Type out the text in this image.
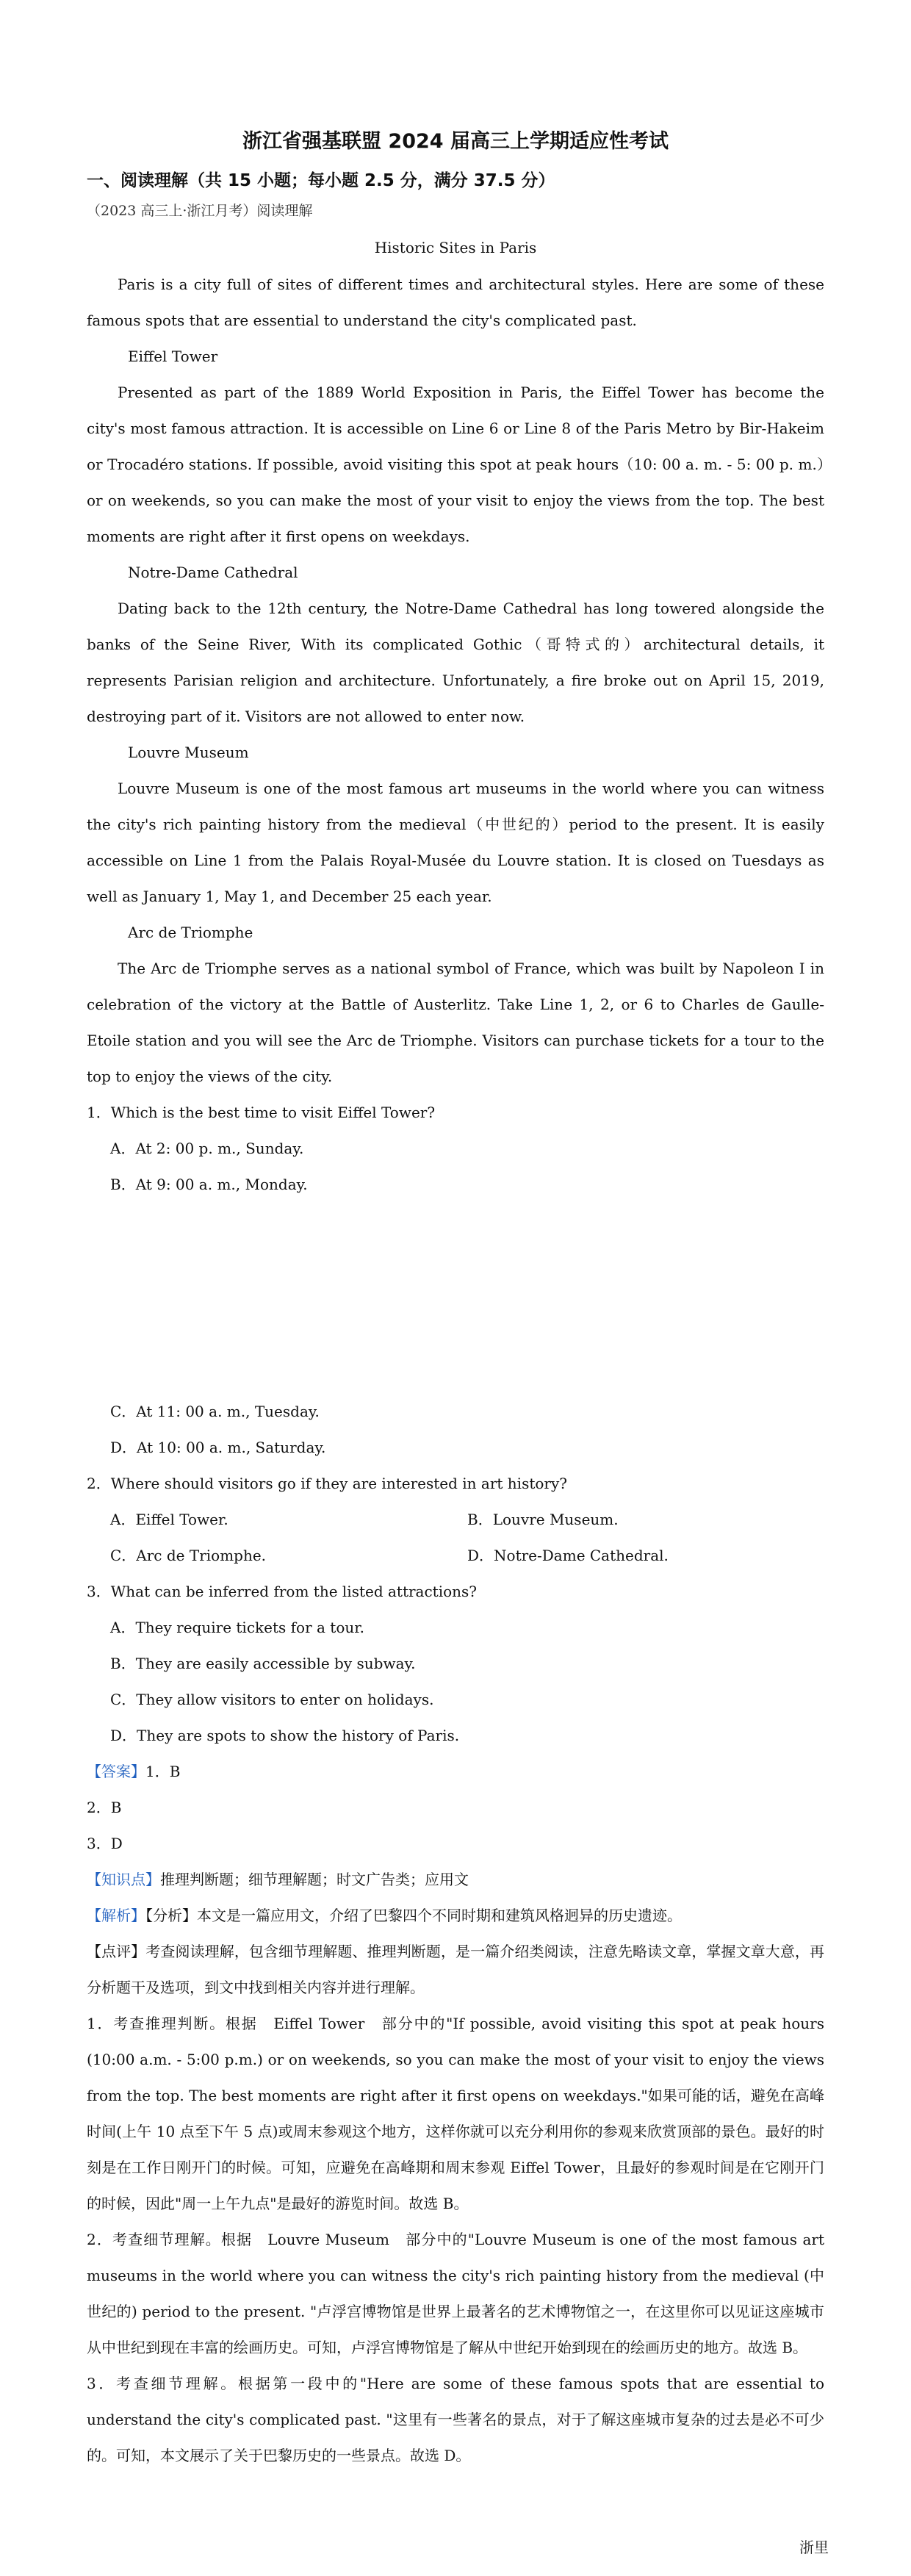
浙江省强基联盟 2024 届高三上学期适应性考试
一、阅读理解（共 15 小题；每小题 2.5 分，满分 37.5 分）
（2023 高三上·浙江月考）阅读理解
Historic Sites in Paris

Paris is a city full of sites of different times and architectural styles. Here are some of these famous spots that are essential to understand the city's complicated past.

Eiffel Tower

Presented as part of the 1889 World Exposition in Paris, the Eiffel Tower has become the city's most famous attraction. It is accessible on Line 6 or Line 8 of the Paris Metro by Bir-Hakeim or Trocadéro stations. If possible, avoid visiting this spot at peak hours（10: 00 a. m. - 5: 00 p. m.）or on weekends, so you can make the most of your visit to enjoy the views from the top. The best moments are right after it first opens on weekdays.

Notre-Dame Cathedral

Dating back to the 12th century, the Notre-Dame Cathedral has long towered alongside the banks of the Seine River, With its complicated Gothic（哥特式的）architectural details, it represents Parisian religion and architecture. Unfortunately, a fire broke out on April 15, 2019, destroying part of it. Visitors are not allowed to enter now.

Louvre Museum

Louvre Museum is one of the most famous art museums in the world where you can witness the city's rich painting history from the medieval（中世纪的）period to the present. It is easily accessible on Line 1 from the Palais Royal-Musée du Louvre station. It is closed on Tuesdays as well as January 1, May 1, and December 25 each year.

Arc de Triomphe

The Arc de Triomphe serves as a national symbol of France, which was built by Napoleon I in celebration of the victory at the Battle of Austerlitz. Take Line 1, 2, or 6 to Charles de Gaulle-Etoile station and you will see the Arc de Triomphe. Visitors can purchase tickets for a tour to the top to enjoy the views of the city.

1．Which is the best time to visit Eiffel Tower?
A．At 2: 00 p. m., Sunday.
B．At 9: 00 a. m., Monday.
C．At 11: 00 a. m., Tuesday.
D．At 10: 00 a. m., Saturday.
2．Where should visitors go if they are interested in art history?
A．Eiffel Tower.	B．Louvre Museum.
C．Arc de Triomphe.	D．Notre-Dame Cathedral.
3．What can be inferred from the listed attractions?
A．They require tickets for a tour.
B．They are easily accessible by subway.
C．They allow visitors to enter on holidays.
D．They are spots to show the history of Paris.
【答案】1．B
2．B
3．D
【知识点】推理判断题；细节理解题；时文广告类；应用文
【解析】【分析】本文是一篇应用文，介绍了巴黎四个不同时期和建筑风格迥异的历史遗迹。

【点评】考查阅读理解，包含细节理解题、推理判断题，是一篇介绍类阅读，注意先略读文章，掌握文章大意，再分析题干及选项，到文中找到相关内容并进行理解。

1．考查推理判断。根据　Eiffel Tower　部分中的"If possible, avoid visiting this spot at peak hours (10:00 a.m. - 5:00 p.m.) or on weekends, so you can make the most of your visit to enjoy the views from the top. The best moments are right after it first opens on weekdays."如果可能的话，避免在高峰时间(上午 10 点至下午 5 点)或周末参观这个地方，这样你就可以充分利用你的参观来欣赏顶部的景色。最好的时刻是在工作日刚开门的时候。可知，应避免在高峰期和周末参观 Eiffel Tower，且最好的参观时间是在它刚开门的时候，因此"周一上午九点"是最好的游览时间。故选 B。

2．考查细节理解。根据　Louvre Museum　部分中的"Louvre Museum is one of the most famous art museums in the world where you can witness the city's rich painting history from the medieval (中世纪的) period to the present. "卢浮宫博物馆是世界上最著名的艺术博物馆之一，在这里你可以见证这座城市从中世纪到现在丰富的绘画历史。可知，卢浮宫博物馆是了解从中世纪开始到现在的绘画历史的地方。故选 B。

3．考查细节理解。根据第一段中的"Here are some of these famous spots that are essential to understand the city's complicated past. "这里有一些著名的景点，对于了解这座城市复杂的过去是必不可少的。可知，本文展示了关于巴黎历史的一些景点。故选 D。

浙里
